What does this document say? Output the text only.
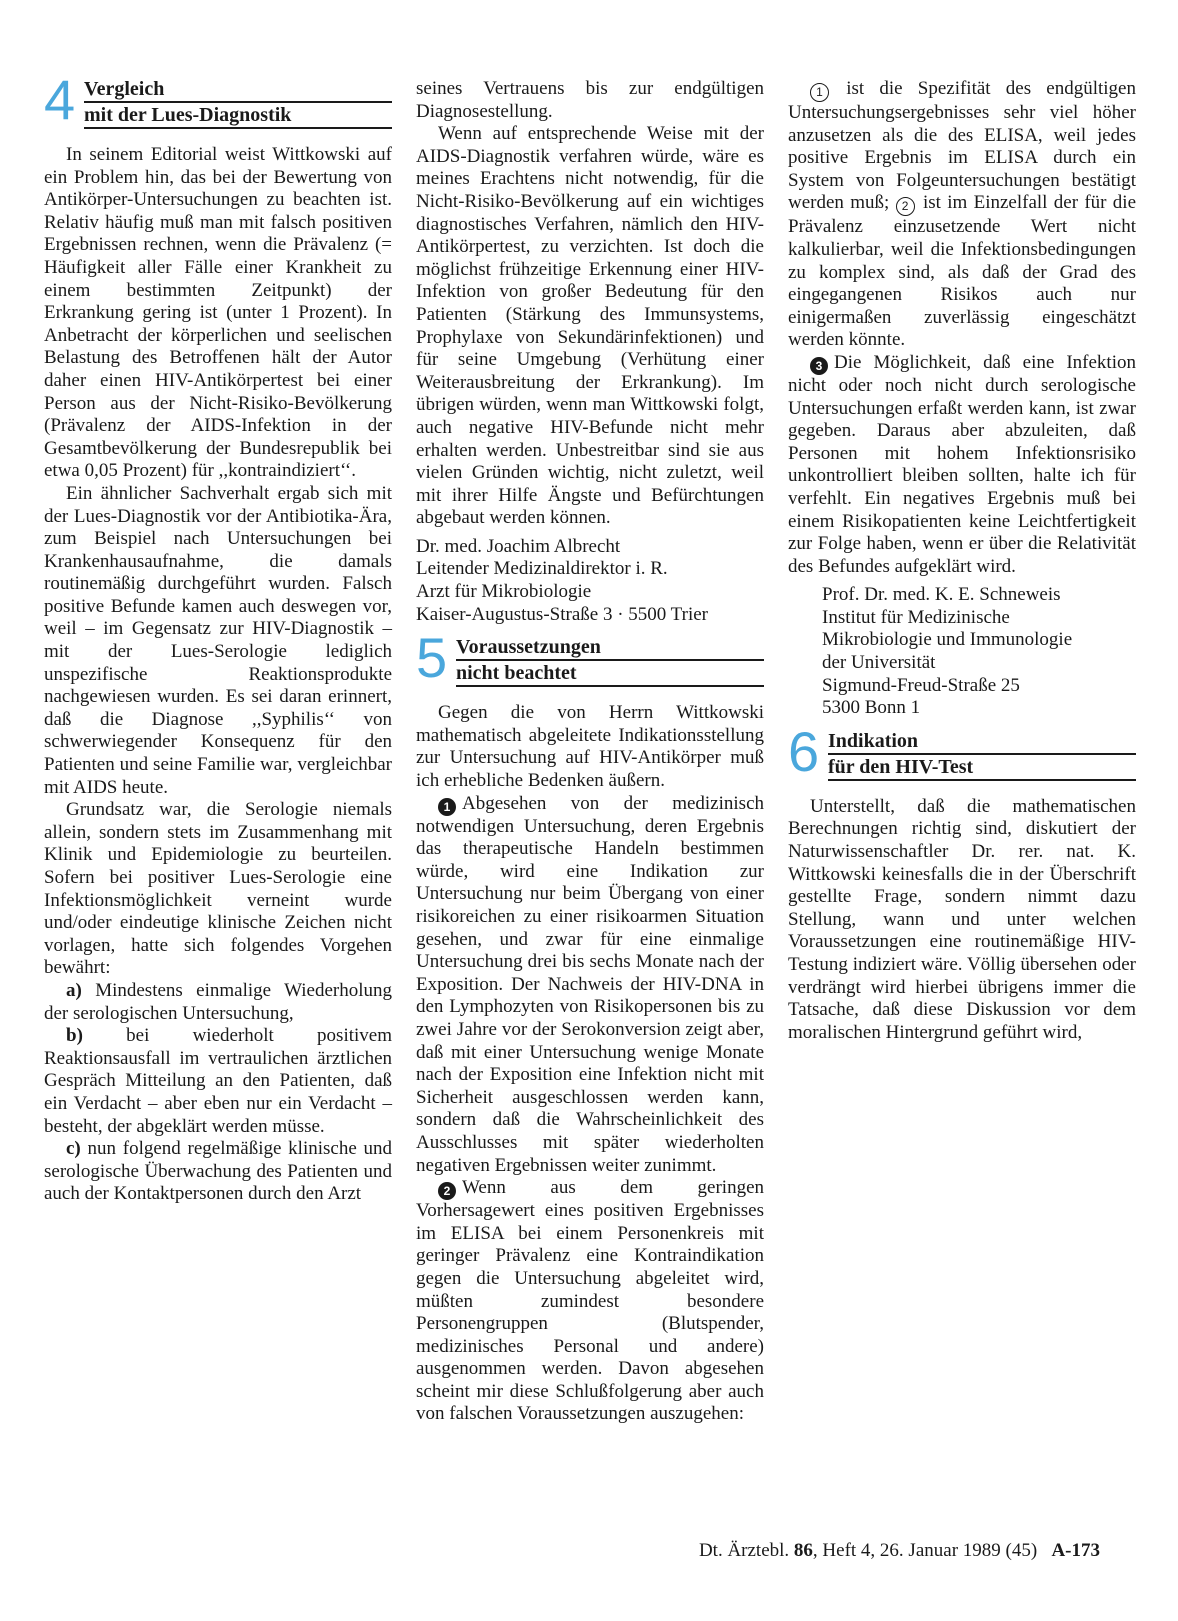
4 Vergleich
mit der Lues-Diagnostik

In seinem Editorial weist Wittkowski auf ein Problem hin, das bei der Bewertung von Antikörper-Untersuchungen zu beachten ist. Relativ häufig muß man mit falsch positiven Ergebnissen rechnen, wenn die Prävalenz (= Häufigkeit aller Fälle einer Krankheit zu einem bestimmten Zeitpunkt) der Erkrankung gering ist (unter 1 Prozent). In Anbetracht der körperlichen und seelischen Belastung des Betroffenen hält der Autor daher einen HIV-Antikörpertest bei einer Person aus der Nicht-Risiko-Bevölkerung (Prävalenz der AIDS-Infektion in der Gesamtbevölkerung der Bundesrepublik bei etwa 0,05 Prozent) für ,,kontraindiziert‘‘.

Ein ähnlicher Sachverhalt ergab sich mit der Lues-Diagnostik vor der Antibiotika-Ära, zum Beispiel nach Untersuchungen bei Krankenhausaufnahme, die damals routinemäßig durchgeführt wurden. Falsch positive Befunde kamen auch deswegen vor, weil – im Gegensatz zur HIV-Diagnostik – mit der Lues-Serologie lediglich unspezifische Reaktionsprodukte nachgewiesen wurden. Es sei daran erinnert, daß die Diagnose ,,Syphilis‘‘ von schwerwiegender Konsequenz für den Patienten und seine Familie war, vergleichbar mit AIDS heute.

Grundsatz war, die Serologie niemals allein, sondern stets im Zusammenhang mit Klinik und Epidemiologie zu beurteilen. Sofern bei positiver Lues-Serologie eine Infektionsmöglichkeit verneint wurde und/oder eindeutige klinische Zeichen nicht vorlagen, hatte sich folgendes Vorgehen bewährt:

a) Mindestens einmalige Wiederholung der serologischen Untersuchung,

b) bei wiederholt positivem Reaktionsausfall im vertraulichen ärztlichen Gespräch Mitteilung an den Patienten, daß ein Verdacht – aber eben nur ein Verdacht – besteht, der abgeklärt werden müsse.

c) nun folgend regelmäßige klinische und serologische Überwachung des Patienten und auch der Kontaktpersonen durch den Arzt

seines Vertrauens bis zur endgültigen Diagnosestellung.

Wenn auf entsprechende Weise mit der AIDS-Diagnostik verfahren würde, wäre es meines Erachtens nicht notwendig, für die Nicht-Risiko-Bevölkerung auf ein wichtiges diagnostisches Verfahren, nämlich den HIV-Antikörpertest, zu verzichten. Ist doch die möglichst frühzeitige Erkennung einer HIV-Infektion von großer Bedeutung für den Patienten (Stärkung des Immunsystems, Prophylaxe von Sekundärinfektionen) und für seine Umgebung (Verhütung einer Weiterausbreitung der Erkrankung). Im übrigen würden, wenn man Wittkowski folgt, auch negative HIV-Befunde nicht mehr erhalten werden. Unbestreitbar sind sie aus vielen Gründen wichtig, nicht zuletzt, weil mit ihrer Hilfe Ängste und Befürchtungen abgebaut werden können.

Dr. med. Joachim Albrecht
Leitender Medizinaldirektor i. R.
Arzt für Mikrobiologie
Kaiser-Augustus-Straße 3 · 5500 Trier
5 Voraussetzungen
nicht beachtet

Gegen die von Herrn Wittkowski mathematisch abgeleitete Indikationsstellung zur Untersuchung auf HIV-Antikörper muß ich erhebliche Bedenken äußern.

1 Abgesehen von der medizinisch notwendigen Untersuchung, deren Ergebnis das therapeutische Handeln bestimmen würde, wird eine Indikation zur Untersuchung nur beim Übergang von einer risikoreichen zu einer risikoarmen Situation gesehen, und zwar für eine einmalige Untersuchung drei bis sechs Monate nach der Exposition. Der Nachweis der HIV-DNA in den Lymphozyten von Risikopersonen bis zu zwei Jahre vor der Serokonversion zeigt aber, daß mit einer Untersuchung wenige Monate nach der Exposition eine Infektion nicht mit Sicherheit ausgeschlossen werden kann, sondern daß die Wahrscheinlichkeit des Ausschlusses mit später wiederholten negativen Ergebnissen weiter zunimmt.

2 Wenn aus dem geringen Vorhersagewert eines positiven Ergebnisses im ELISA bei einem Personenkreis mit geringer Prävalenz eine Kontraindikation gegen die Untersuchung abgeleitet wird, müßten zumindest besondere Personengruppen (Blutspender, medizinisches Personal und andere) ausgenommen werden. Davon abgesehen scheint mir diese Schlußfolgerung aber auch von falschen Voraussetzungen auszugehen:

1 ist die Spezifität des endgültigen Untersuchungsergebnisses sehr viel höher anzusetzen als die des ELISA, weil jedes positive Ergebnis im ELISA durch ein System von Folgeuntersuchungen bestätigt werden muß; 2 ist im Einzelfall der für die Prävalenz einzusetzende Wert nicht kalkulierbar, weil die Infektionsbedingungen zu komplex sind, als daß der Grad des eingegangenen Risikos auch nur einigermaßen zuverlässig eingeschätzt werden könnte.

3 Die Möglichkeit, daß eine Infektion nicht oder noch nicht durch serologische Untersuchungen erfaßt werden kann, ist zwar gegeben. Daraus aber abzuleiten, daß Personen mit hohem Infektionsrisiko unkontrolliert bleiben sollten, halte ich für verfehlt. Ein negatives Ergebnis muß bei einem Risikopatienten keine Leichtfertigkeit zur Folge haben, wenn er über die Relativität des Befundes aufgeklärt wird.

Prof. Dr. med. K. E. Schneweis
Institut für Medizinische
Mikrobiologie und Immunologie
der Universität
Sigmund-Freud-Straße 25
5300 Bonn 1
6 Indikation
für den HIV-Test

Unterstellt, daß die mathematischen Berechnungen richtig sind, diskutiert der Naturwissenschaftler Dr. rer. nat. K. Wittkowski keinesfalls die in der Überschrift gestellte Frage, sondern nimmt dazu Stellung, wann und unter welchen Voraussetzungen eine routinemäßige HIV-Testung indiziert wäre. Völlig übersehen oder verdrängt wird hierbei übrigens immer die Tatsache, daß diese Diskussion vor dem moralischen Hintergrund geführt wird,

Dt. Ärztebl. 86, Heft 4, 26. Januar 1989 (45) A-173
